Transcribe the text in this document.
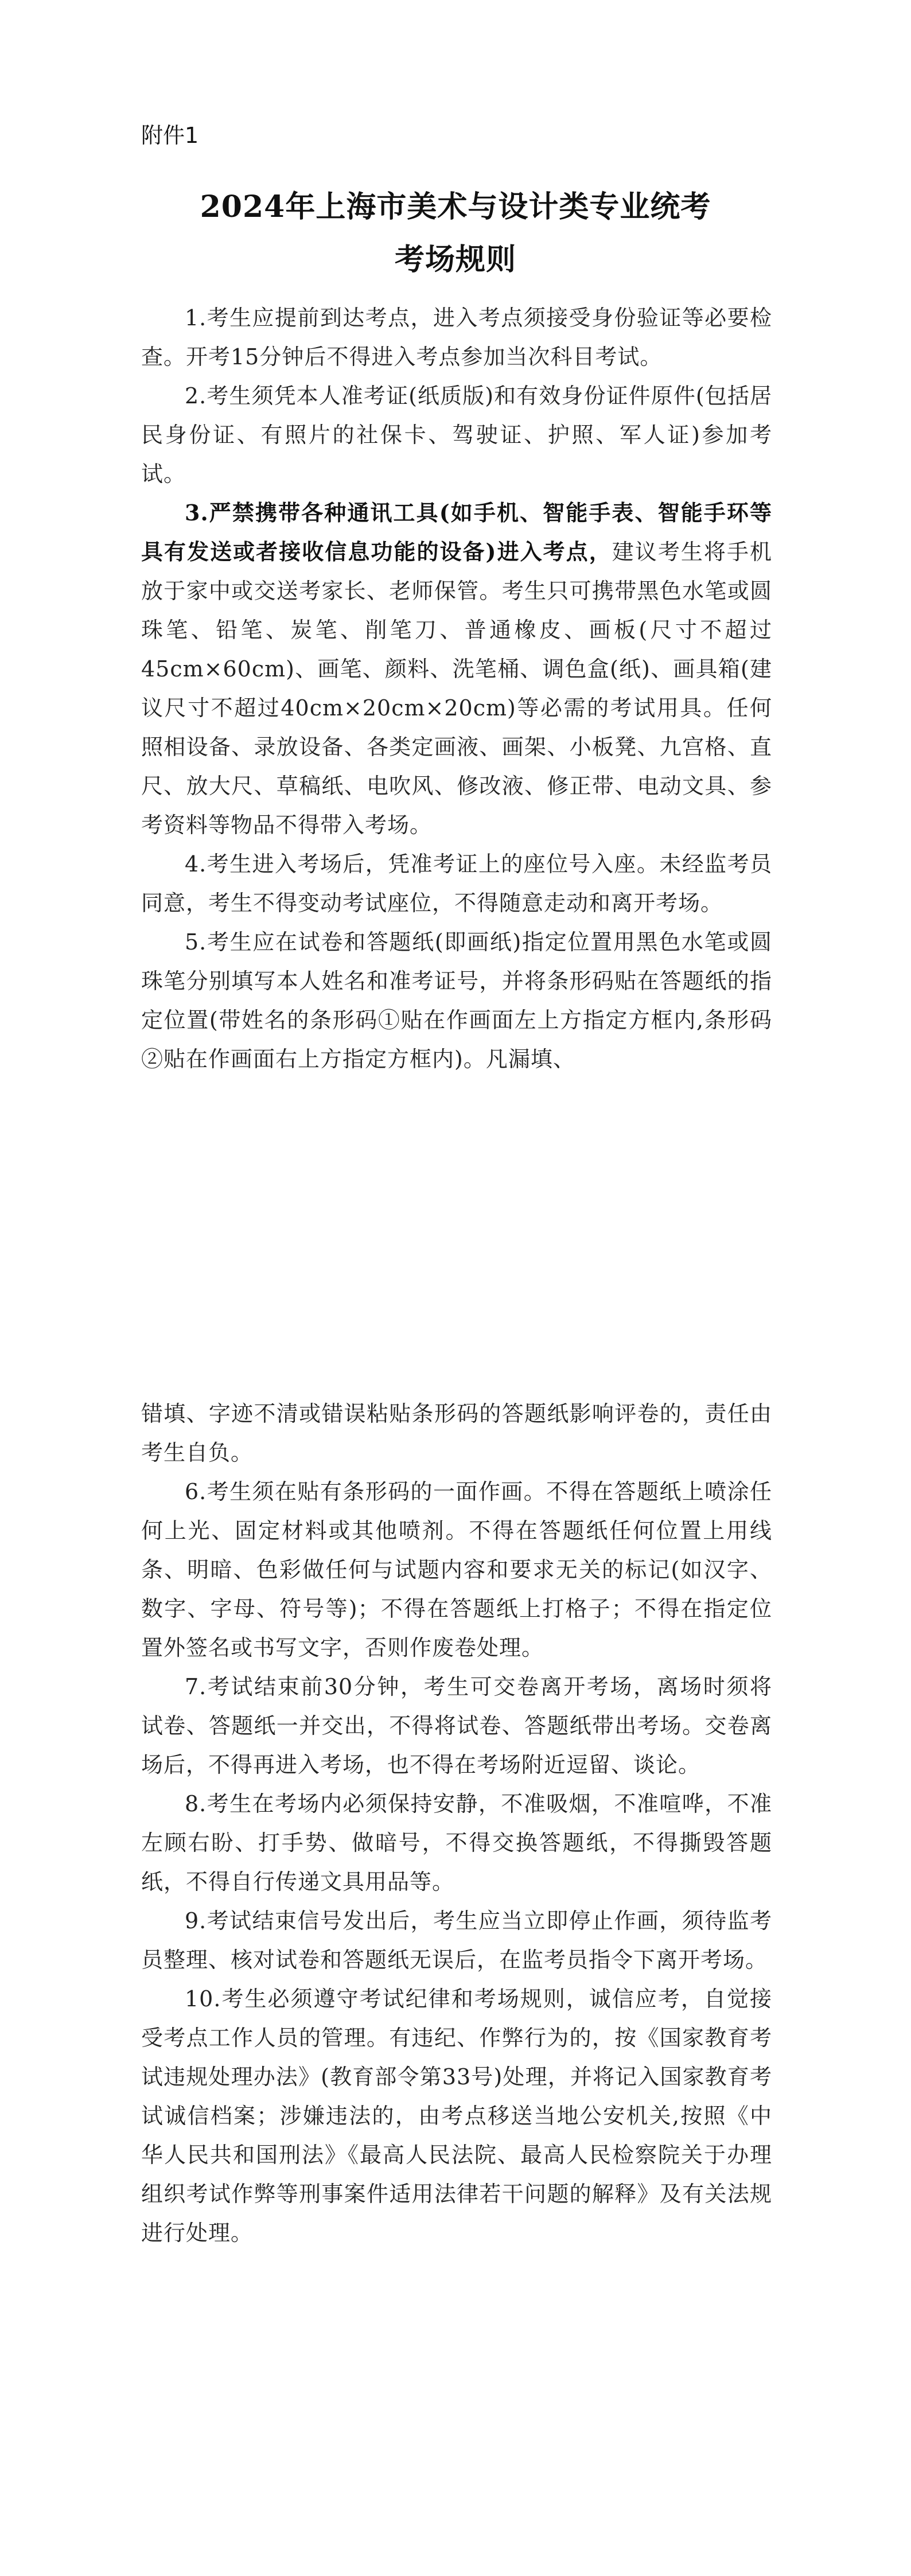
附件1

2024年上海市美术与设计类专业统考
考场规则

1.考生应提前到达考点，进入考点须接受身份验证等必要检查。开考15分钟后不得进入考点参加当次科目考试。

2.考生须凭本人准考证(纸质版)和有效身份证件原件(包括居民身份证、有照片的社保卡、驾驶证、护照、军人证)参加考试。

3.严禁携带各种通讯工具(如手机、智能手表、智能手环等具有发送或者接收信息功能的设备)进入考点，建议考生将手机放于家中或交送考家长、老师保管。考生只可携带黑色水笔或圆珠笔、铅笔、炭笔、削笔刀、普通橡皮、画板(尺寸不超过45cm×60cm)、画笔、颜料、洗笔桶、调色盒(纸)、画具箱(建议尺寸不超过40cm×20cm×20cm)等必需的考试用具。任何照相设备、录放设备、各类定画液、画架、小板凳、九宫格、直尺、放大尺、草稿纸、电吹风、修改液、修正带、电动文具、参考资料等物品不得带入考场。

4.考生进入考场后，凭准考证上的座位号入座。未经监考员同意，考生不得变动考试座位，不得随意走动和离开考场。

5.考生应在试卷和答题纸(即画纸)指定位置用黑色水笔或圆珠笔分别填写本人姓名和准考证号，并将条形码贴在答题纸的指定位置(带姓名的条形码①贴在作画面左上方指定方框内,条形码②贴在作画面右上方指定方框内)。凡漏填、

错填、字迹不清或错误粘贴条形码的答题纸影响评卷的，责任由考生自负。

6.考生须在贴有条形码的一面作画。不得在答题纸上喷涂任何上光、固定材料或其他喷剂。不得在答题纸任何位置上用线条、明暗、色彩做任何与试题内容和要求无关的标记(如汉字、数字、字母、符号等)；不得在答题纸上打格子；不得在指定位置外签名或书写文字，否则作废卷处理。

7.考试结束前30分钟，考生可交卷离开考场，离场时须将试卷、答题纸一并交出，不得将试卷、答题纸带出考场。交卷离场后，不得再进入考场，也不得在考场附近逗留、谈论。

8.考生在考场内必须保持安静，不准吸烟，不准喧哗，不准左顾右盼、打手势、做暗号，不得交换答题纸，不得撕毁答题纸，不得自行传递文具用品等。

9.考试结束信号发出后，考生应当立即停止作画，须待监考员整理、核对试卷和答题纸无误后，在监考员指令下离开考场。

10.考生必须遵守考试纪律和考场规则，诚信应考，自觉接受考点工作人员的管理。有违纪、作弊行为的，按《国家教育考试违规处理办法》(教育部令第33号)处理，并将记入国家教育考试诚信档案；涉嫌违法的，由考点移送当地公安机关,按照《中华人民共和国刑法》《最高人民法院、最高人民检察院关于办理组织考试作弊等刑事案件适用法律若干问题的解释》及有关法规进行处理。
